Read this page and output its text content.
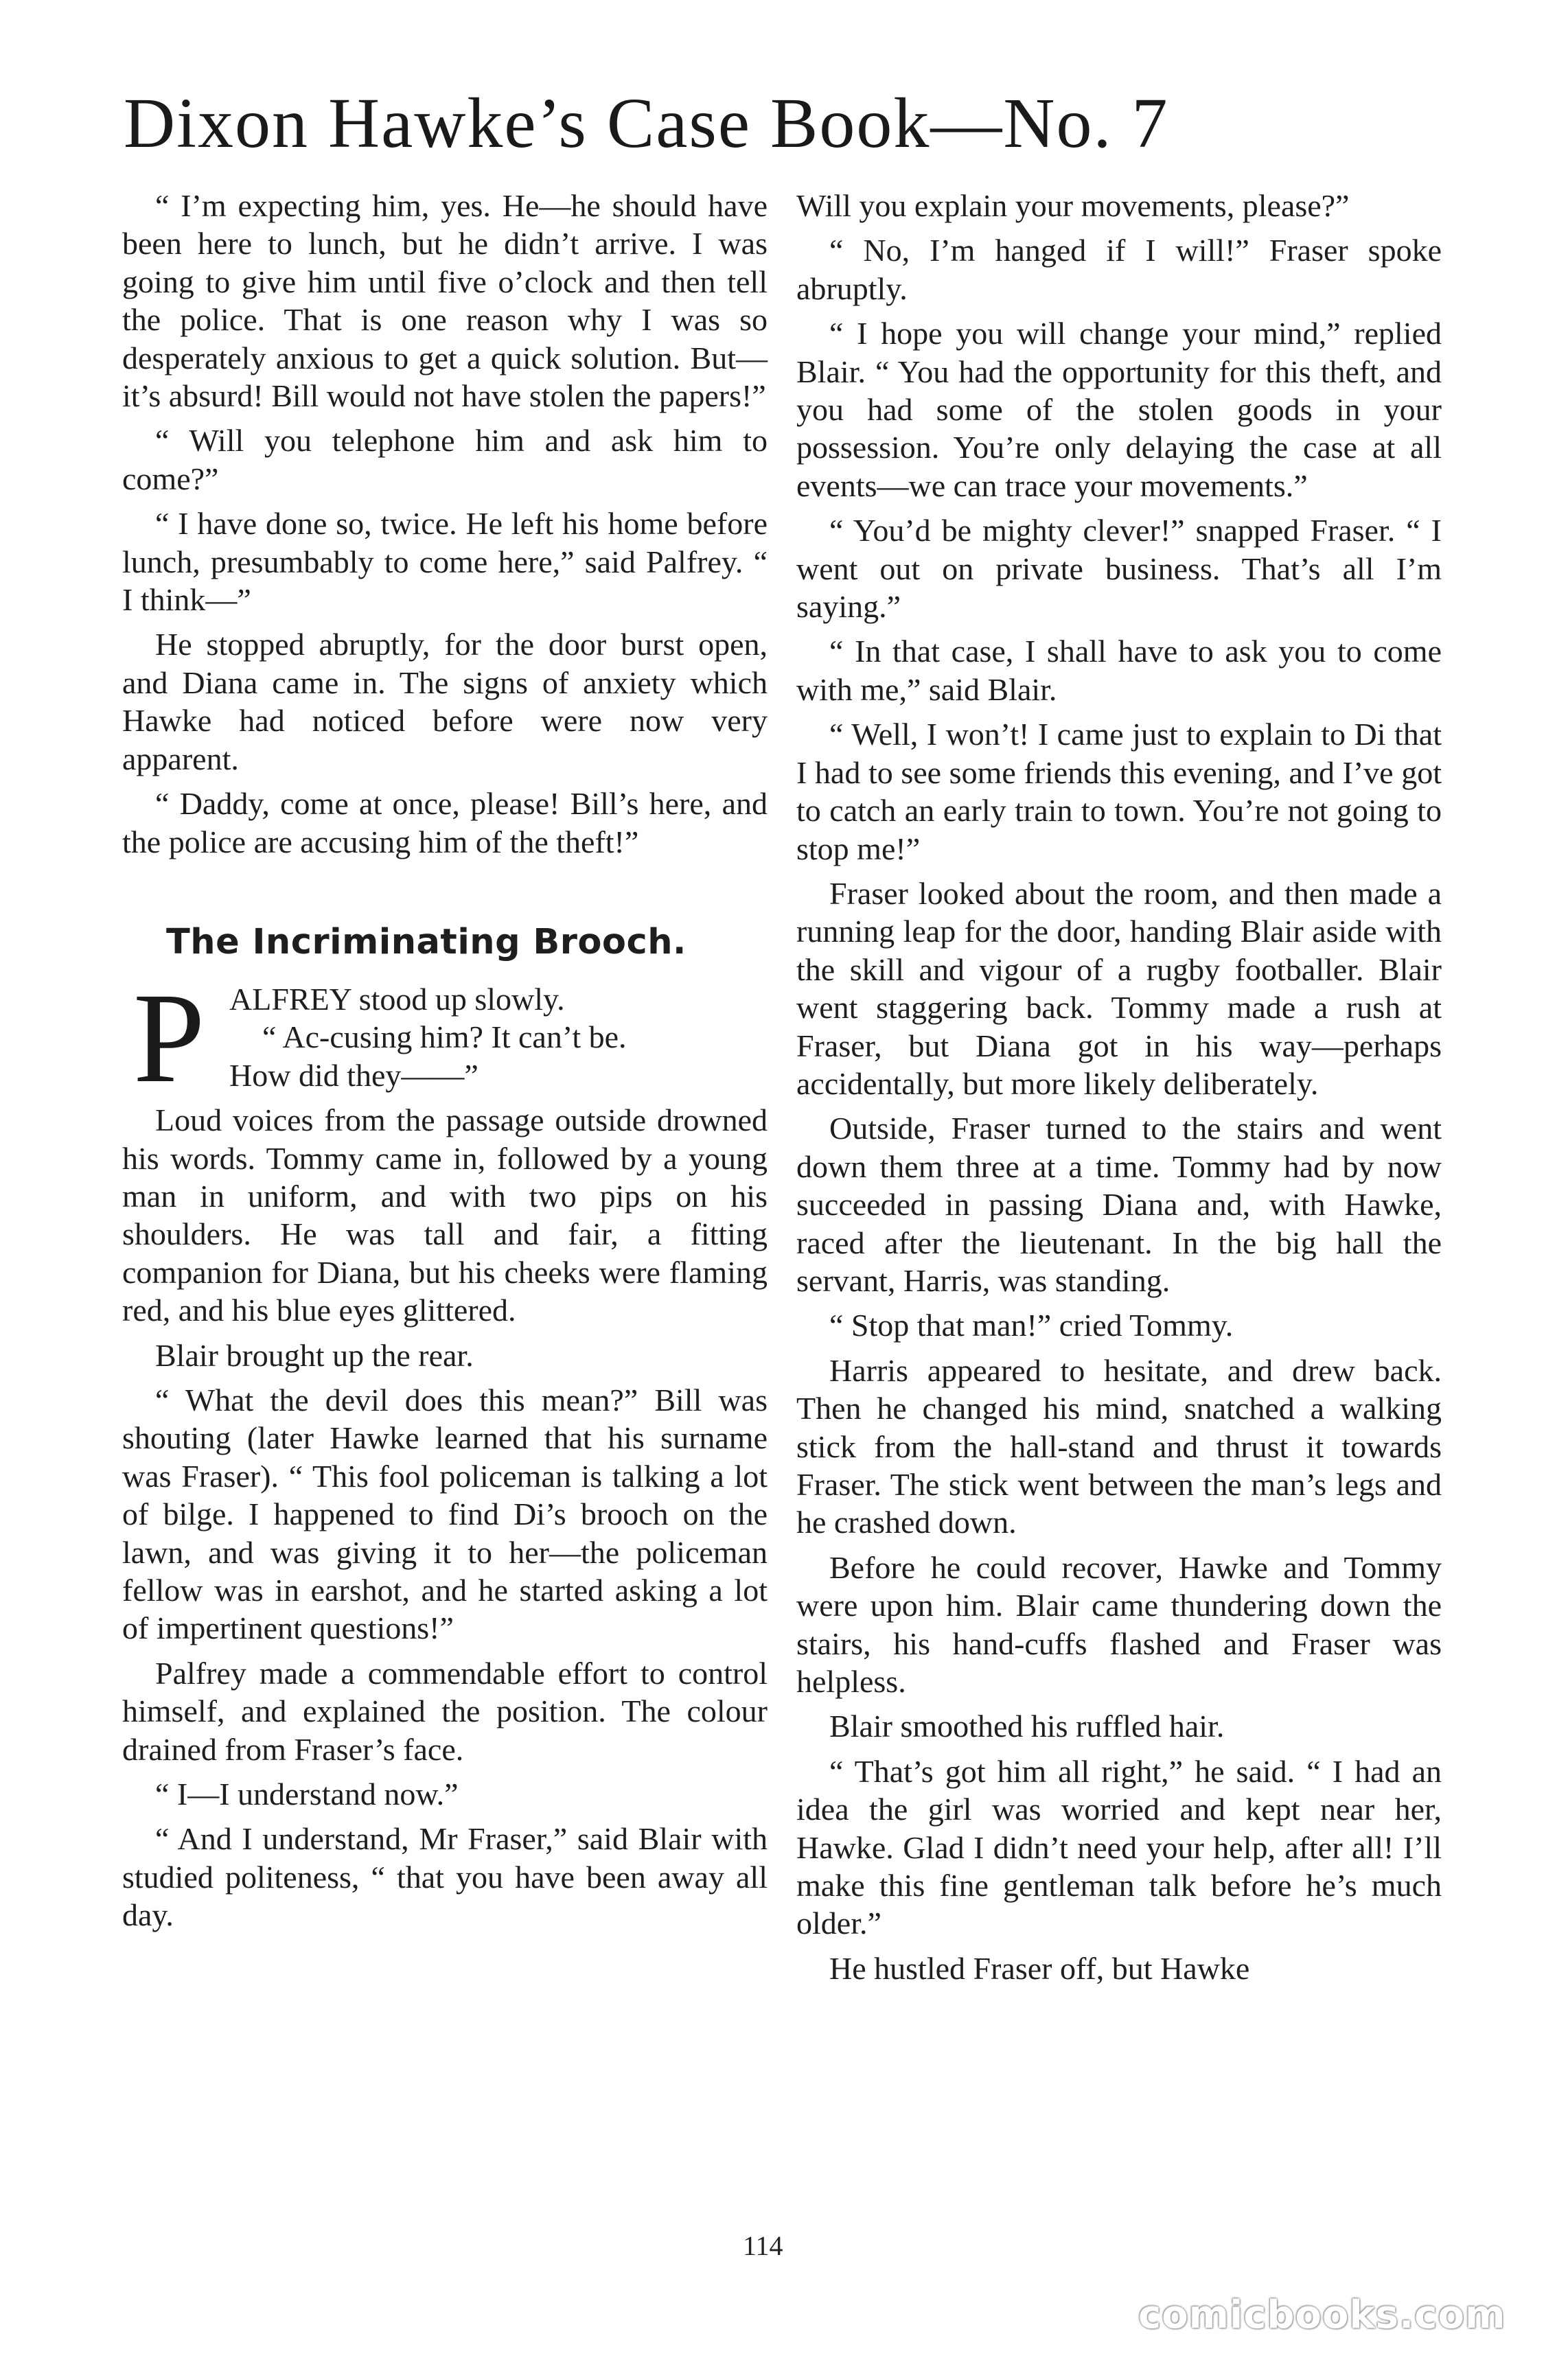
Dixon Hawke’s Case Book—No. 7

“ I’m expecting him, yes. He—he should have been here to lunch, but he didn’t arrive. I was going to give him until five o’clock and then tell the police. That is one reason why I was so desperately anxious to get a quick solution. But—it’s absurd! Bill would not have stolen the papers!”

“ Will you telephone him and ask him to come?”

“ I have done so, twice. He left his home before lunch, presumbably to come here,” said Palfrey. “ I think—”

He stopped abruptly, for the door burst open, and Diana came in. The signs of anxiety which Hawke had noticed before were now very apparent.

“ Daddy, come at once, please! Bill’s here, and the police are accusing him of the theft!”

The Incriminating Brooch.
P ALFREY stood up slowly.

“ Ac-cusing him? It can’t be.

How did they——”

Loud voices from the passage outside drowned his words. Tommy came in, followed by a young man in uniform, and with two pips on his shoulders. He was tall and fair, a fitting companion for Diana, but his cheeks were flaming red, and his blue eyes glittered.

Blair brought up the rear.

“ What the devil does this mean?” Bill was shouting (later Hawke learned that his surname was Fraser). “ This fool policeman is talking a lot of bilge. I happened to find Di’s brooch on the lawn, and was giving it to her—the policeman fellow was in earshot, and he started asking a lot of impertinent questions!”

Palfrey made a commendable effort to control himself, and explained the position. The colour drained from Fraser’s face.

“ I—I understand now.”

“ And I understand, Mr Fraser,” said Blair with studied politeness, “ that you have been away all day.

Will you explain your movements, please?”

“ No, I’m hanged if I will!” Fraser spoke abruptly.

“ I hope you will change your mind,” replied Blair. “ You had the opportunity for this theft, and you had some of the stolen goods in your possession. You’re only delaying the case at all events—we can trace your movements.”

“ You’d be mighty clever!” snapped Fraser. “ I went out on private business. That’s all I’m saying.”

“ In that case, I shall have to ask you to come with me,” said Blair.

“ Well, I won’t! I came just to explain to Di that I had to see some friends this evening, and I’ve got to catch an early train to town. You’re not going to stop me!”

Fraser looked about the room, and then made a running leap for the door, handing Blair aside with the skill and vigour of a rugby footballer. Blair went staggering back. Tommy made a rush at Fraser, but Diana got in his way—perhaps accidentally, but more likely deliberately.

Outside, Fraser turned to the stairs and went down them three at a time. Tommy had by now succeeded in passing Diana and, with Hawke, raced after the lieutenant. In the big hall the servant, Harris, was standing.

“ Stop that man!” cried Tommy.

Harris appeared to hesitate, and drew back. Then he changed his mind, snatched a walking stick from the hall-stand and thrust it towards Fraser. The stick went between the man’s legs and he crashed down.

Before he could recover, Hawke and Tommy were upon him. Blair came thundering down the stairs, his hand-cuffs flashed and Fraser was helpless.

Blair smoothed his ruffled hair.

“ That’s got him all right,” he said. “ I had an idea the girl was worried and kept near her, Hawke. Glad I didn’t need your help, after all! I’ll make this fine gentleman talk before he’s much older.”

He hustled Fraser off, but Hawke

114
comicbooks.com
